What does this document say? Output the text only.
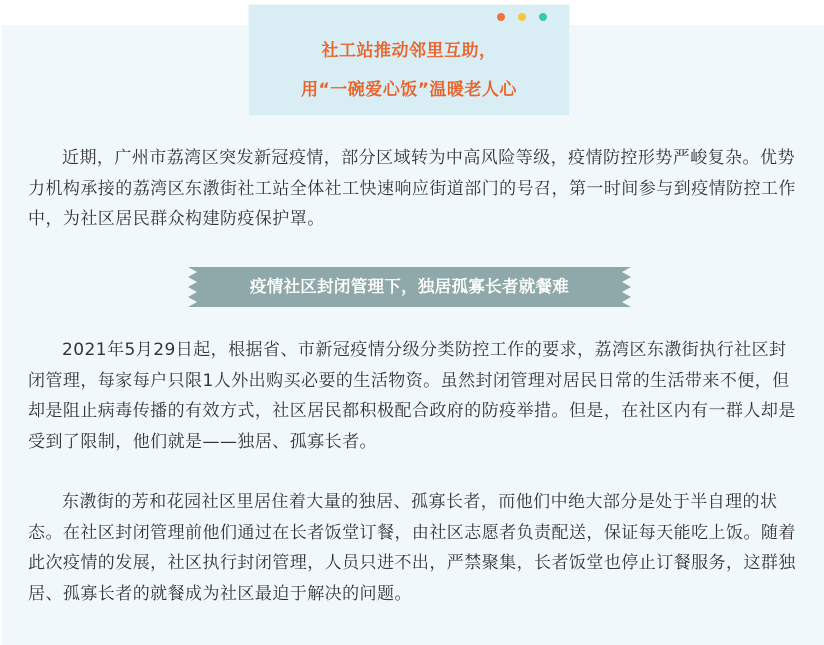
社工站推动邻里互助，
用“一碗爱心饭”温暖老人心

近期，广州市荔湾区突发新冠疫情，部分区域转为中高风险等级，疫情防控形势严峻复杂。优势力机构承接的荔湾区东漖街社工站全体社工快速响应街道部门的号召，第一时间参与到疫情防控工作中，为社区居民群众构建防疫保护罩。

疫情社区封闭管理下，独居孤寡长者就餐难

2021年5月29日起，根据省、市新冠疫情分级分类防控工作的要求，荔湾区东漖街执行社区封闭管理，每家每户只限1人外出购买必要的生活物资。虽然封闭管理对居民日常的生活带来不便，但却是阻止病毒传播的有效方式，社区居民都积极配合政府的防疫举措。但是，在社区内有一群人却是受到了限制，他们就是——独居、孤寡长者。

东漖街的芳和花园社区里居住着大量的独居、孤寡长者，而他们中绝大部分是处于半自理的状态。在社区封闭管理前他们通过在长者饭堂订餐，由社区志愿者负责配送，保证每天能吃上饭。随着此次疫情的发展，社区执行封闭管理，人员只进不出，严禁聚集，长者饭堂也停止订餐服务，这群独居、孤寡长者的就餐成为社区最迫于解决的问题。
